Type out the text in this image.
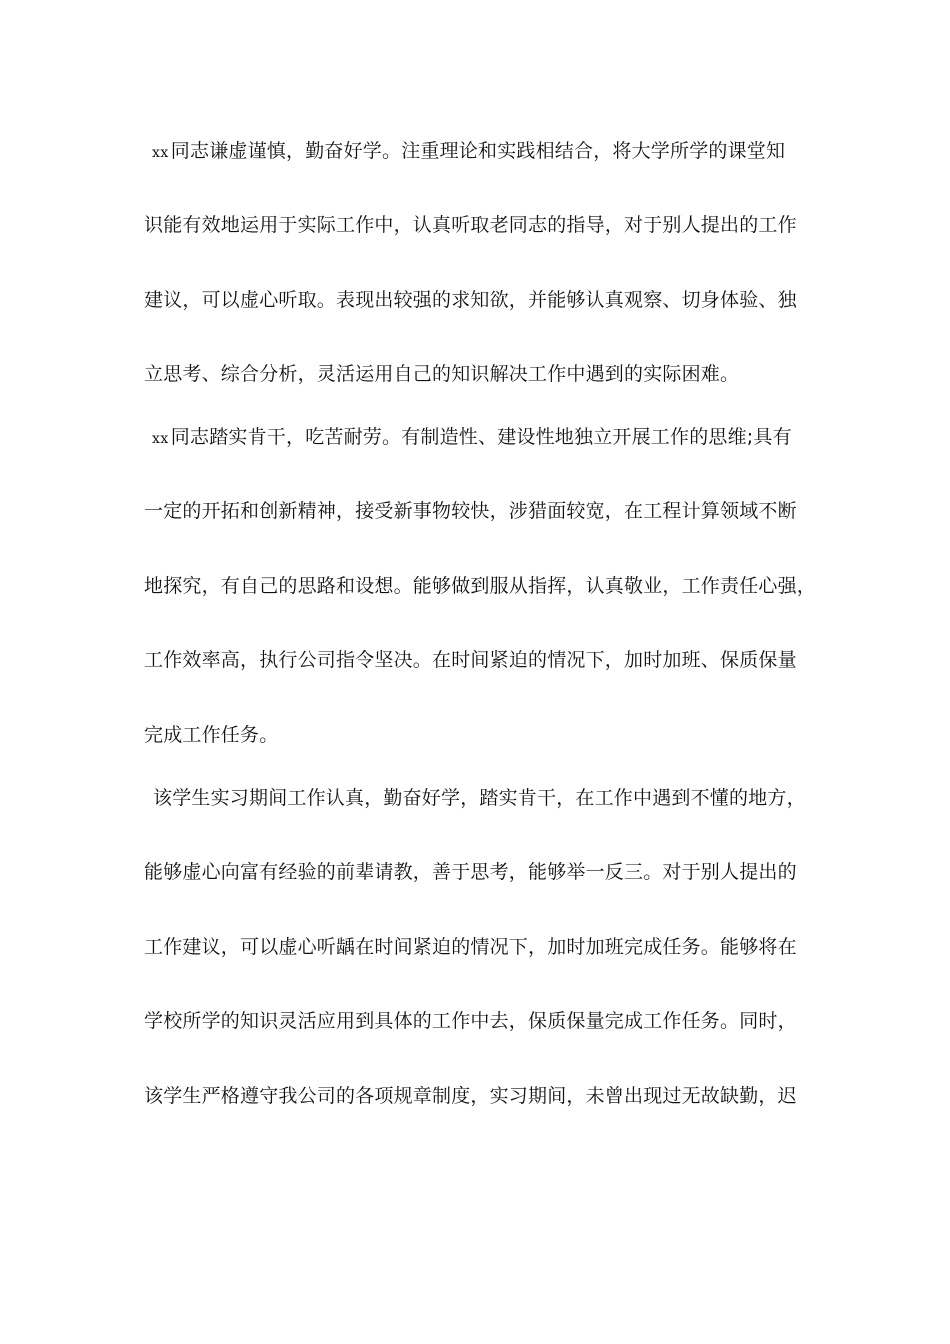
xx 同志谦虚谨慎，勤奋好学。注重理论和实践相结合，将大学所学的课堂知
识能有效地运用于实际工作中，认真听取老同志的指导，对于别人提出的工作
建议，可以虚心听取。表现出较强的求知欲，并能够认真观察、切身体验、独
立思考、综合分析，灵活运用自己的知识解决工作中遇到的实际困难。
xx 同志踏实肯干，吃苦耐劳。有制造性、建设性地独立开展工作的思维;具有
一定的开拓和创新精神，接受新事物较快，涉猎面较宽，在工程计算领域不断
地探究，有自己的思路和设想。能够做到服从指挥，认真敬业，工作责任心强，
工作效率高，执行公司指令坚决。在时间紧迫的情况下，加时加班、保质保量
完成工作任务。
该学生实习期间工作认真，勤奋好学，踏实肯干，在工作中遇到不懂的地方，
能够虚心向富有经验的前辈请教，善于思考，能够举一反三。对于别人提出的
工作建议，可以虚心听龋在时间紧迫的情况下，加时加班完成任务。能够将在
学校所学的知识灵活应用到具体的工作中去，保质保量完成工作任务。同时，
该学生严格遵守我公司的各项规章制度，实习期间，未曾出现过无故缺勤，迟
